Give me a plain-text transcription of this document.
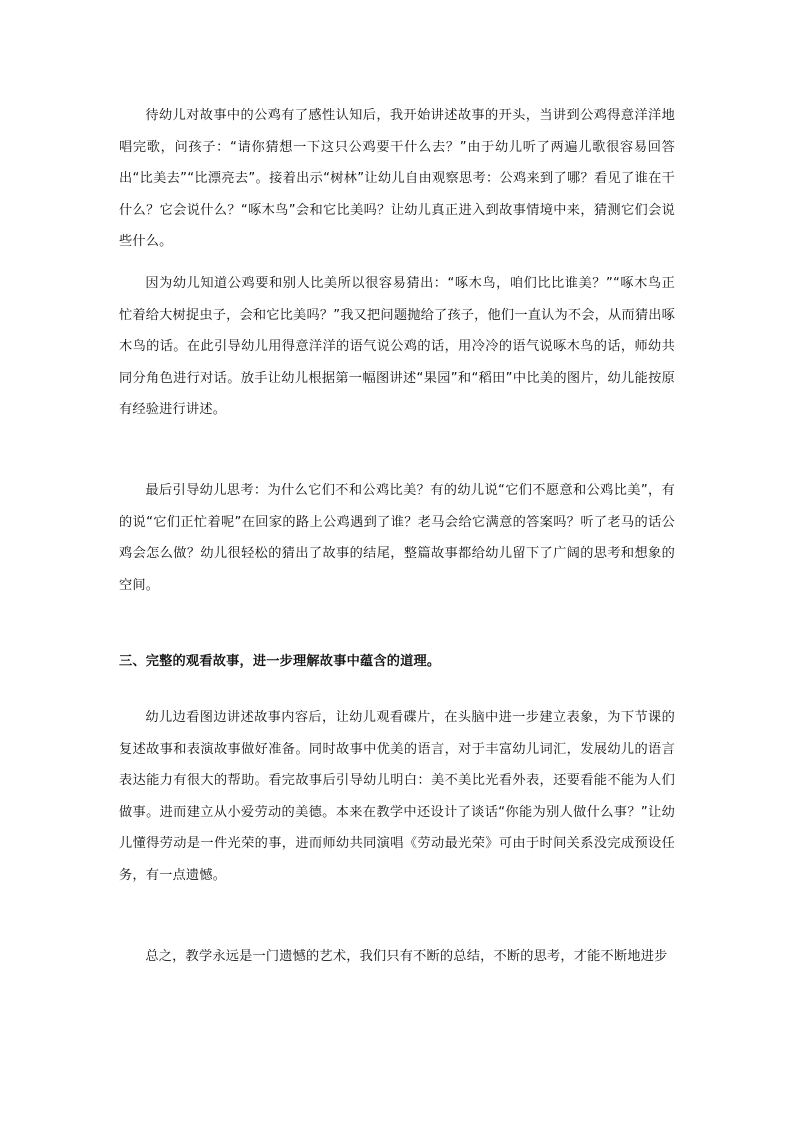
待幼儿对故事中的公鸡有了感性认知后，我开始讲述故事的开头，当讲到公鸡得意洋洋地唱完歌，问孩子：“请你猜想一下这只公鸡要干什么去？”由于幼儿听了两遍儿歌很容易回答出“比美去”“比漂亮去”。接着出示“树林”让幼儿自由观察思考：公鸡来到了哪？看见了谁在干什么？它会说什么？“啄木鸟”会和它比美吗？让幼儿真正进入到故事情境中来，猜测它们会说些什么。

因为幼儿知道公鸡要和别人比美所以很容易猜出：“啄木鸟，咱们比比谁美？”“啄木鸟正忙着给大树捉虫子，会和它比美吗？”我又把问题抛给了孩子，他们一直认为不会，从而猜出啄木鸟的话。在此引导幼儿用得意洋洋的语气说公鸡的话，用冷冷的语气说啄木鸟的话，师幼共同分角色进行对话。放手让幼儿根据第一幅图讲述“果园”和“稻田”中比美的图片，幼儿能按原有经验进行讲述。

最后引导幼儿思考：为什么它们不和公鸡比美？有的幼儿说“它们不愿意和公鸡比美”，有的说“它们正忙着呢”在回家的路上公鸡遇到了谁？老马会给它满意的答案吗？听了老马的话公鸡会怎么做？幼儿很轻松的猜出了故事的结尾，整篇故事都给幼儿留下了广阔的思考和想象的空间。

三、完整的观看故事，进一步理解故事中蕴含的道理。

幼儿边看图边讲述故事内容后，让幼儿观看碟片，在头脑中进一步建立表象，为下节课的复述故事和表演故事做好准备。同时故事中优美的语言，对于丰富幼儿词汇，发展幼儿的语言表达能力有很大的帮助。看完故事后引导幼儿明白：美不美比光看外表，还要看能不能为人们做事。进而建立从小爱劳动的美德。本来在教学中还设计了谈话“你能为别人做什么事？”让幼儿懂得劳动是一件光荣的事，进而师幼共同演唱《劳动最光荣》可由于时间关系没完成预设任务，有一点遗憾。

总之，教学永远是一门遗憾的艺术，我们只有不断的总结，不断的思考，才能不断地进步
